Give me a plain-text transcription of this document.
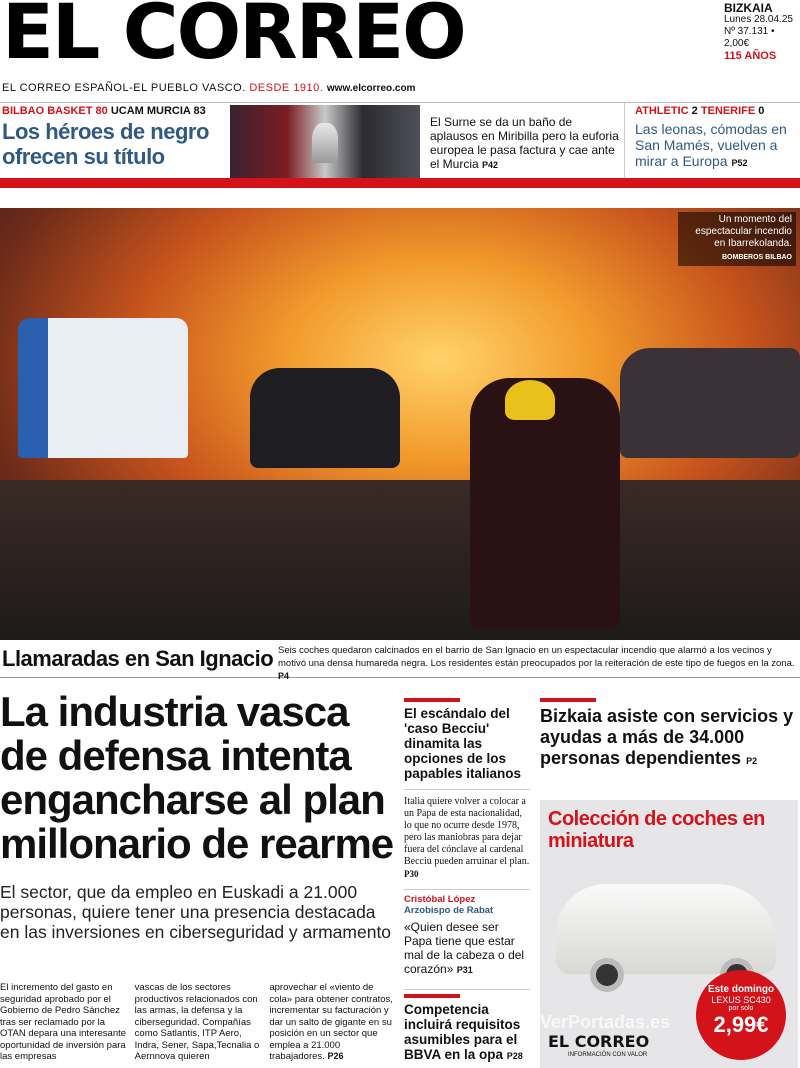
EL CORREO	BIZKAIA
Lunes 28.04.25
Nº 37.131 • 2,00€
115 AÑOS
EL CORREO ESPAÑOL-EL PUEBLO VASCO. DESDE 1910. www.elcorreo.com
BILBAO BASKET 80 UCAM MURCIA 83
Los héroes de negro ofrecen su título
El Surne se da un baño de aplausos en Miribilla pero la euforia europea le pasa factura y cae ante el Murcia P42
ATHLETIC 2 TENERIFE 0
Las leonas, cómodas en San Mamés, vuelven a mirar a Europa P52
Un momento del espectacular incendio en Ibarrekolanda.
BOMBEROS BILBAO
Llamaradas en San Ignacio Seis coches quedaron calcinados en el barrio de San Ignacio en un espectacular incendio que alarmó a los vecinos y motivó una densa humareda negra. Los residentes están preocupados por la reiteración de este tipo de fuegos en la zona. P4
La industria vasca de defensa intenta engancharse al plan millonario de rearme
El sector, que da empleo en Euskadi a 21.000 personas, quiere tener una presencia destacada en las inversiones en ciberseguridad y armamento
El incremento del gasto en seguridad aprobado por el Gobierno de Pedro Sánchez tras ser reclamado por la OTAN depara una interesante oportunidad de inversión para las empresas
vascas de los sectores productivos relacionados con las armas, la defensa y la ciberseguridad. Compañías como Satlantis, ITP Aero, Indra, Sener, Sapa,Tecnalia o Aernnova quieren
aprovechar el «viento de cola» para obtener contratos, incrementar su facturación y dar un salto de gigante en su posición en un sector que emplea a 21.000 trabajadores. P26
El escándalo del 'caso Becciu' dinamita las opciones de los papables italianos
Italia quiere volver a colocar a un Papa de esta nacionalidad, lo que no ocurre desde 1978, pero las maniobras para dejar fuera del cónclave al cardenal Becciu pueden arruinar el plan. P30
Cristóbal López
Arzobispo de Rabat
«Quien desee ser Papa tiene que estar mal de la cabeza o del corazón» P31
Competencia incluirá requisitos asumibles para el BBVA en la opa P28
Bizkaia asiste con servicios y ayudas a más de 34.000 personas dependientes P2
Colección de coches en miniatura
Este domingo
LEXUS SC430
por solo
2,99€
EL CORREO
INFORMACIÓN CON VALOR
VerPortadas.es
